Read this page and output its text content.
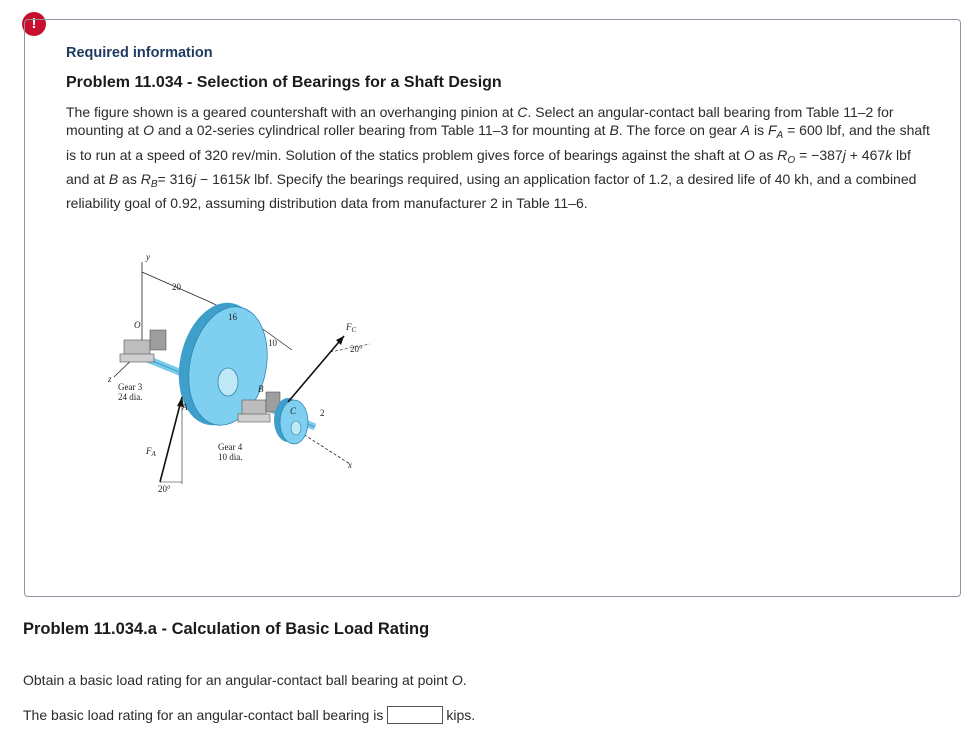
!
Required information
Problem 11.034 - Selection of Bearings for a Shaft Design
The figure shown is a geared countershaft with an overhanging pinion at C. Select an angular-contact ball bearing from Table 11–2 for mounting at O and a 02-series cylindrical roller bearing from Table 11–3 for mounting at B. The force on gear A is $F_A = 600$ lbf, and the shaft is to run at a speed of 320 rev/min. Solution of the statics problem gives force of bearings against the shaft at O as $R_O = -387j + 467k$ lbf and at B as $R_B= 316j - 1615k$ lbf. Specify the bearings required, using an application factor of 1.2, a desired life of 40 kh, and a combined reliability goal of 0.92, assuming distribution data from manufacturer 2 in Table 11–6.
y
z
x
O
A
B
C	2
20
16
10
$F_C$
20°
$F_A$
20°
Gear 3
24 dia.
Gear 4
10 dia.
Problem 11.034.a - Calculation of Basic Load Rating
Obtain a basic load rating for an angular-contact ball bearing at point O.
The basic load rating for an angular-contact ball bearing is	kips.
